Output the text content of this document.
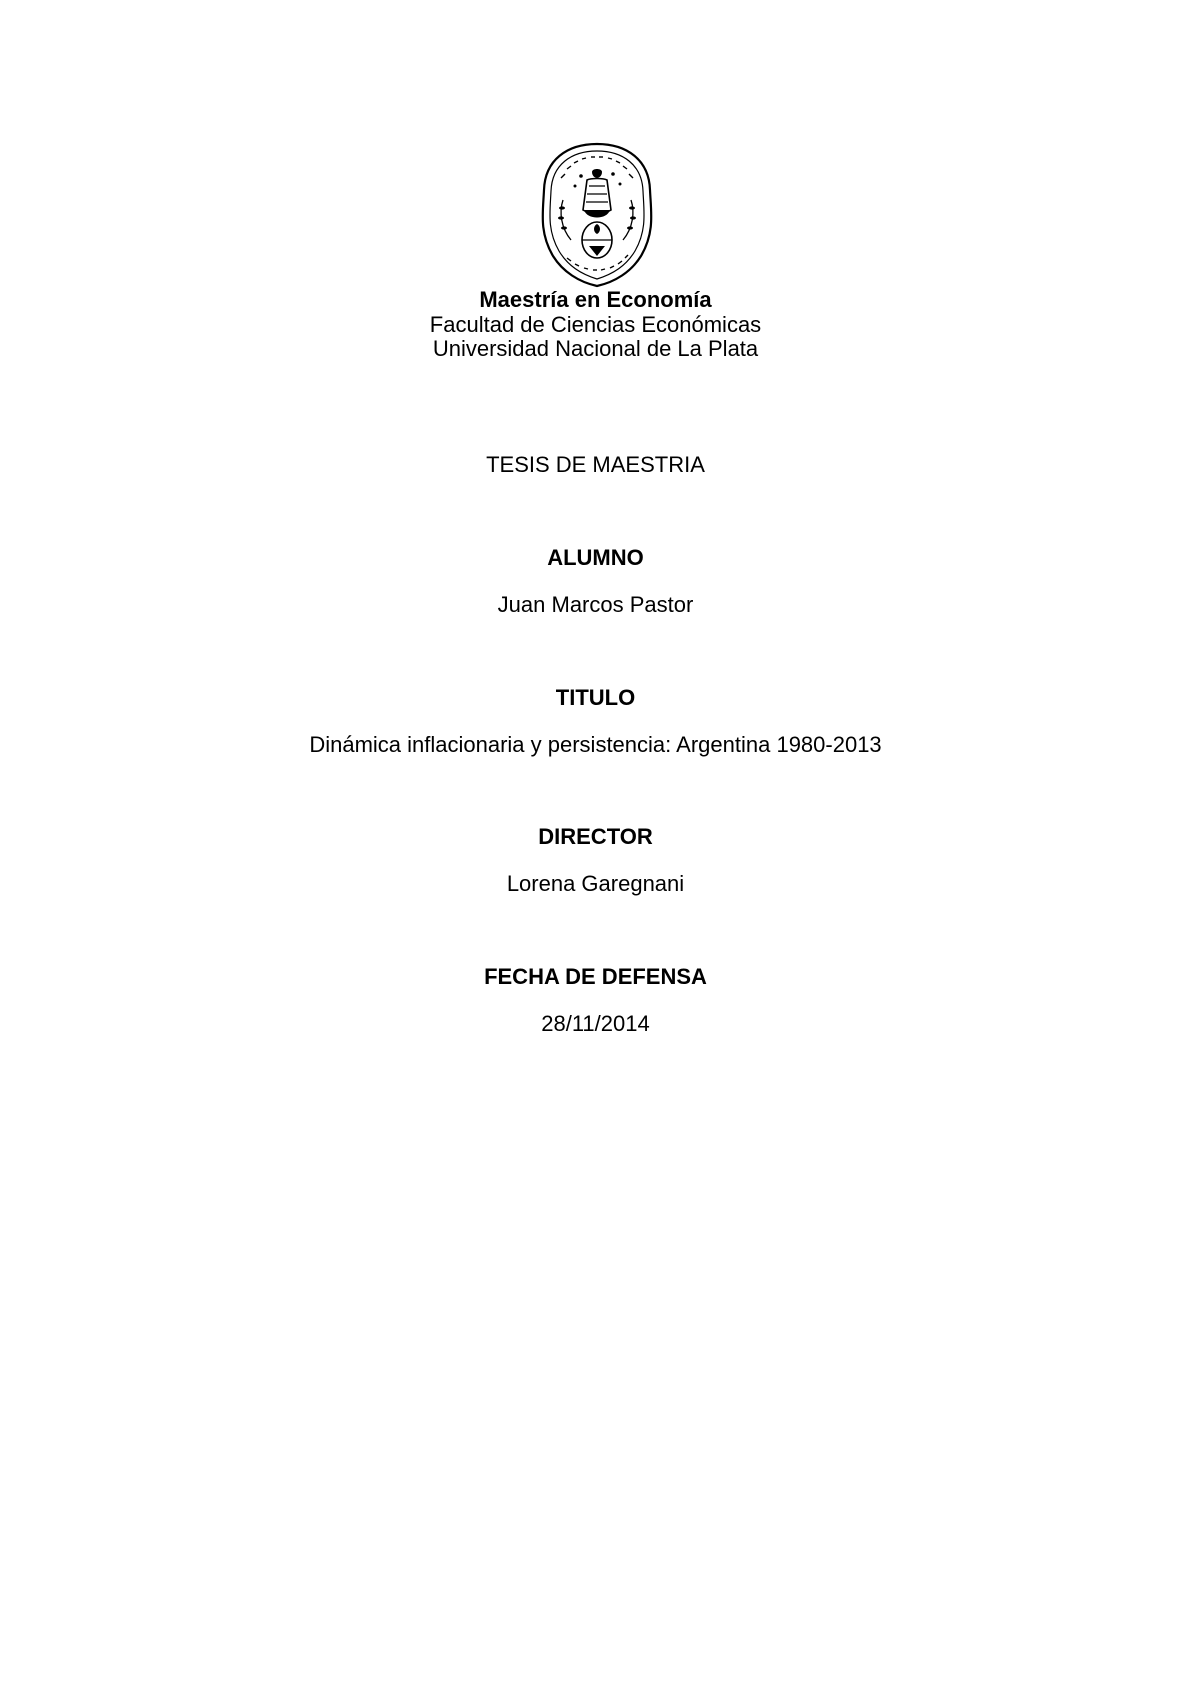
Maestría en Economía
Facultad de Ciencias Económicas
Universidad Nacional de La Plata
TESIS DE MAESTRIA
ALUMNO
Juan Marcos Pastor
TITULO
Dinámica inflacionaria y persistencia: Argentina 1980-2013
DIRECTOR
Lorena Garegnani
FECHA DE DEFENSA
28/11/2014
